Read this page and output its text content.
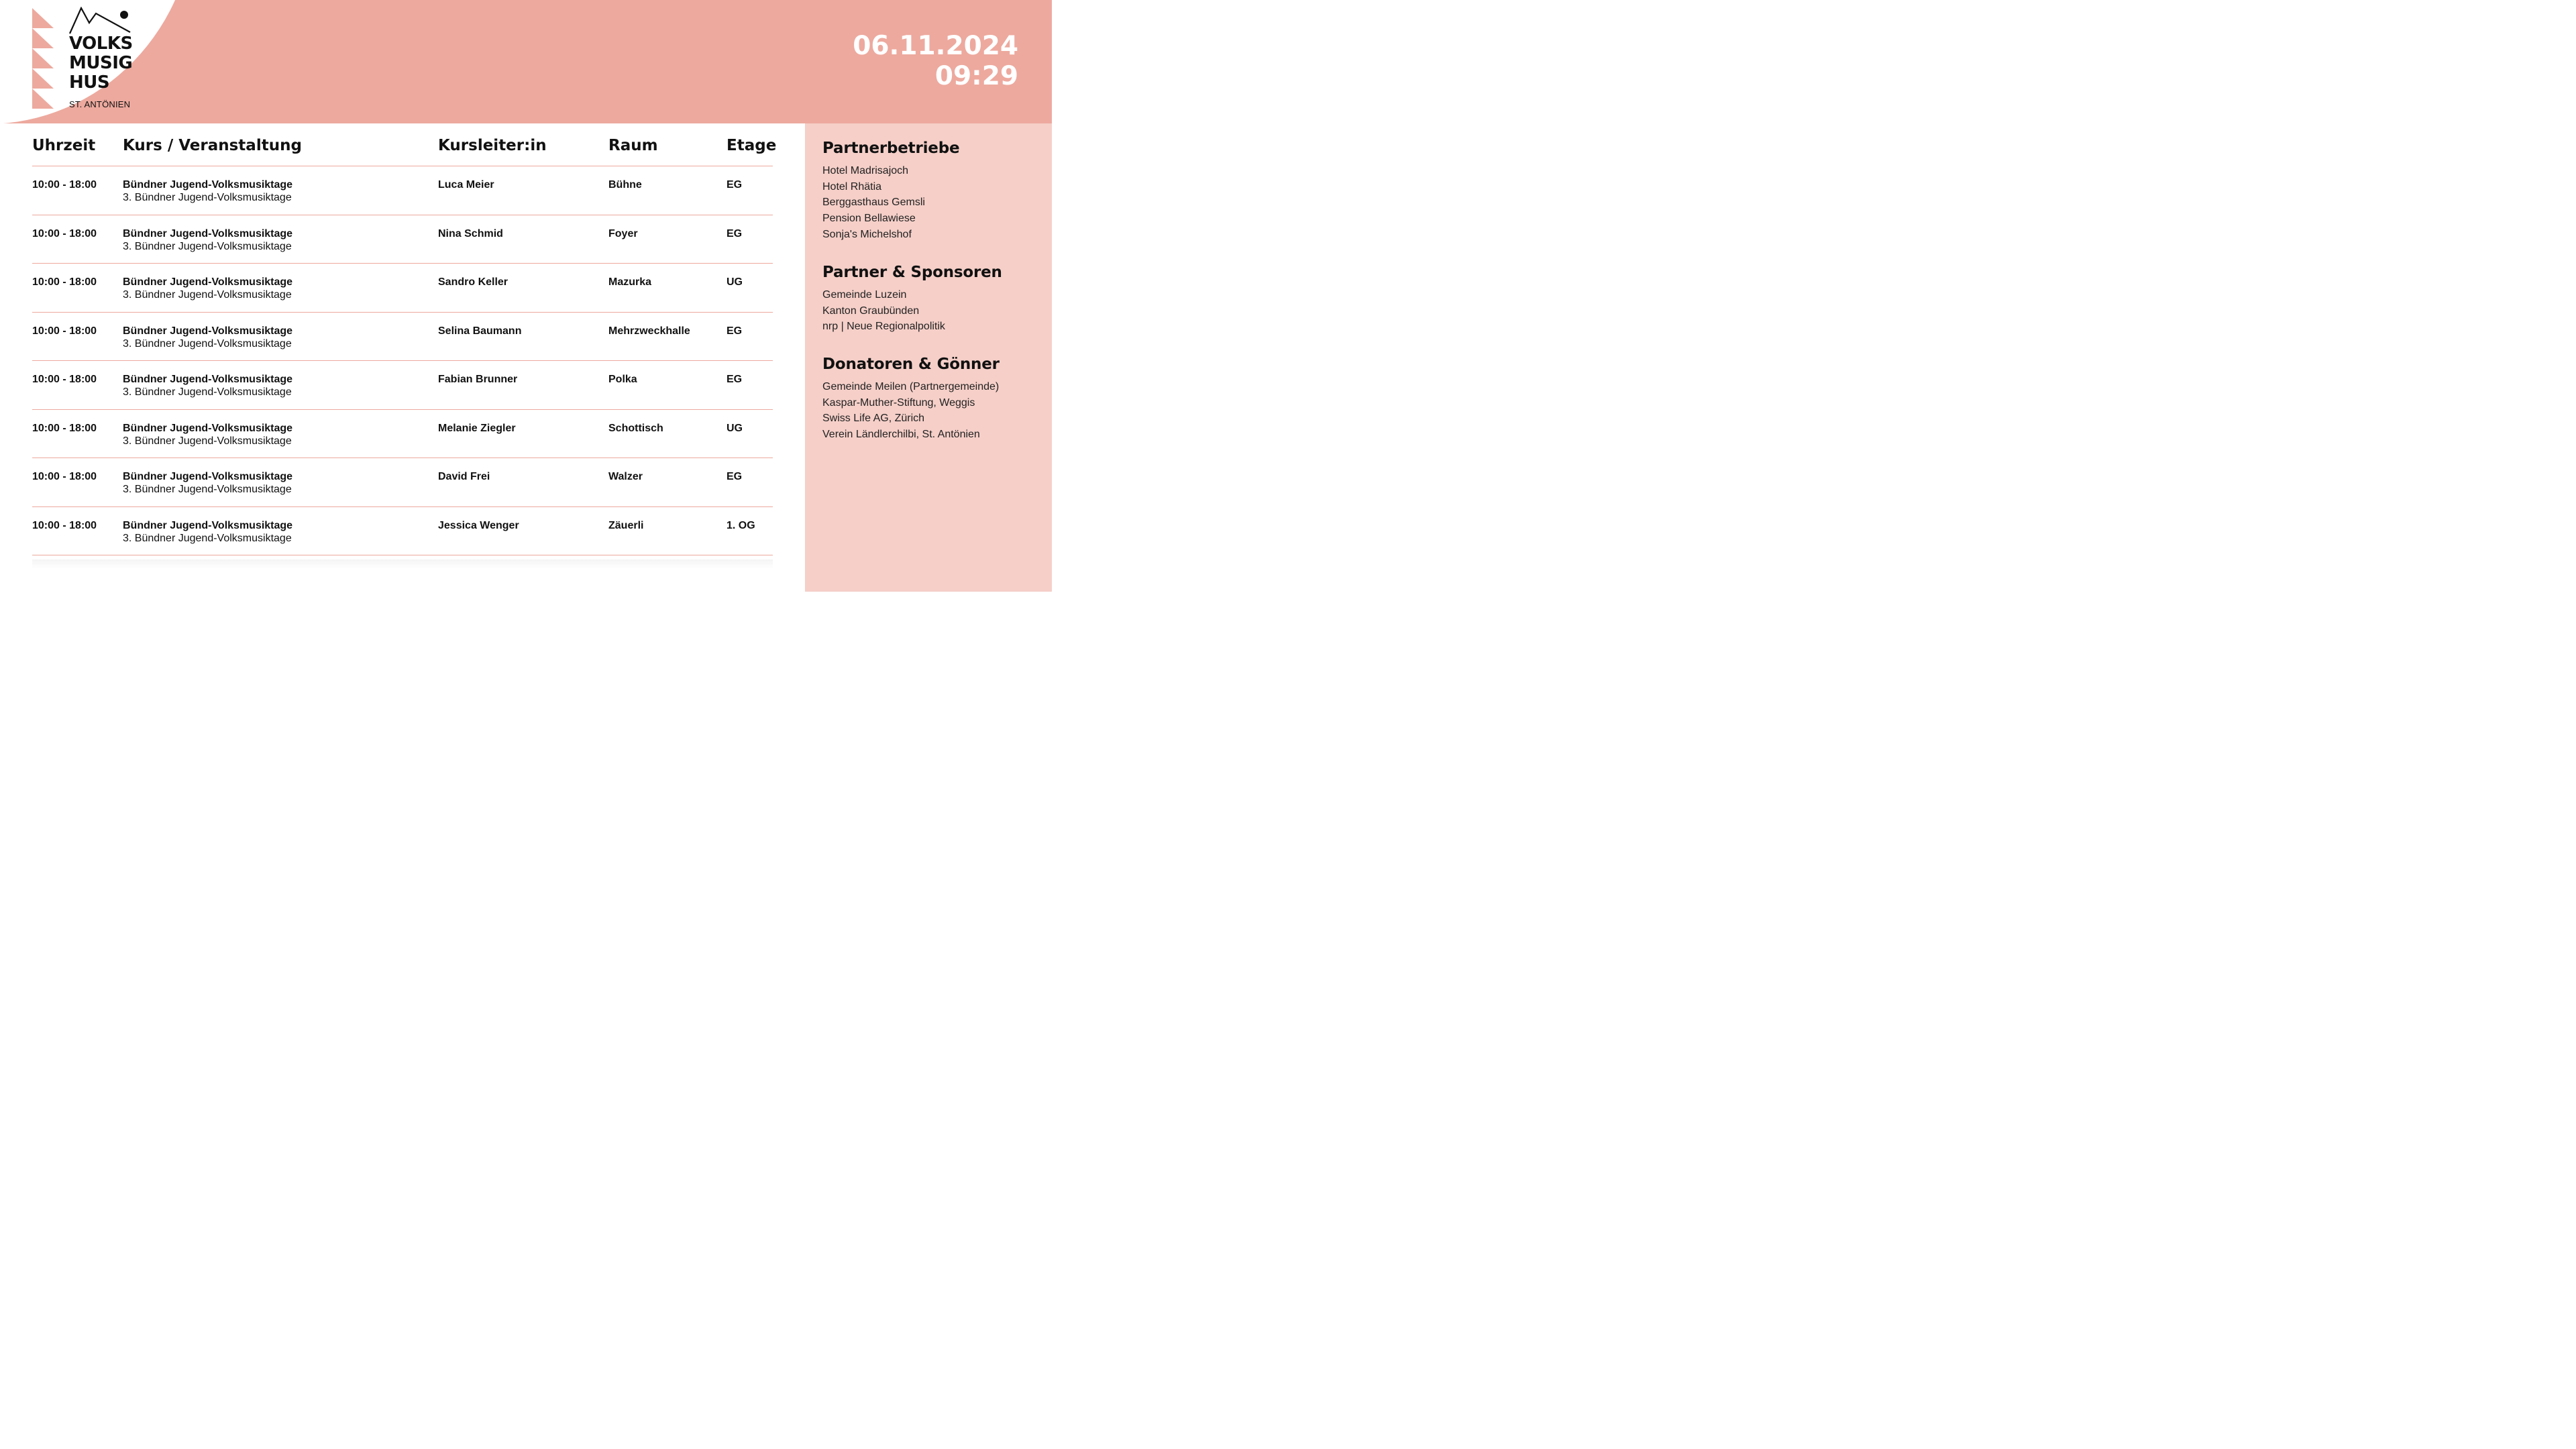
VOLKS
MUSIG
HUS
ST. ANTÖNIEN
06.11.2024
09:29
Uhrzeit Kurs / Veranstaltung	Kursleiter:in	Raum	Etage
10:00 - 18:00 Bündner Jugend-Volksmusiktage
3. Bündner Jugend-Volksmusiktage
Luca Meier	Bühne	EG
10:00 - 18:00 Bündner Jugend-Volksmusiktage
3. Bündner Jugend-Volksmusiktage
Nina Schmid	Foyer	EG
10:00 - 18:00 Bündner Jugend-Volksmusiktage
3. Bündner Jugend-Volksmusiktage
Sandro Keller	Mazurka	UG
10:00 - 18:00 Bündner Jugend-Volksmusiktage
3. Bündner Jugend-Volksmusiktage
Selina Baumann	Mehrzweckhalle	EG
10:00 - 18:00 Bündner Jugend-Volksmusiktage
3. Bündner Jugend-Volksmusiktage
Fabian Brunner	Polka	EG
10:00 - 18:00 Bündner Jugend-Volksmusiktage
3. Bündner Jugend-Volksmusiktage
Melanie Ziegler	Schottisch	UG
10:00 - 18:00 Bündner Jugend-Volksmusiktage
3. Bündner Jugend-Volksmusiktage
David Frei	Walzer	EG
10:00 - 18:00 Bündner Jugend-Volksmusiktage
3. Bündner Jugend-Volksmusiktage
Jessica Wenger	Zäuerli	1. OG
Partnerbetriebe
Hotel Madrisajoch
Hotel Rhätia
Berggasthaus Gemsli
Pension Bellawiese
Sonja's Michelshof
Partner & Sponsoren
Gemeinde Luzein
Kanton Graubünden
nrp | Neue Regionalpolitik
Donatoren & Gönner
Gemeinde Meilen (Partnergemeinde)
Kaspar-Muther-Stiftung, Weggis
Swiss Life AG, Zürich
Verein Ländlerchilbi, St. Antönien
